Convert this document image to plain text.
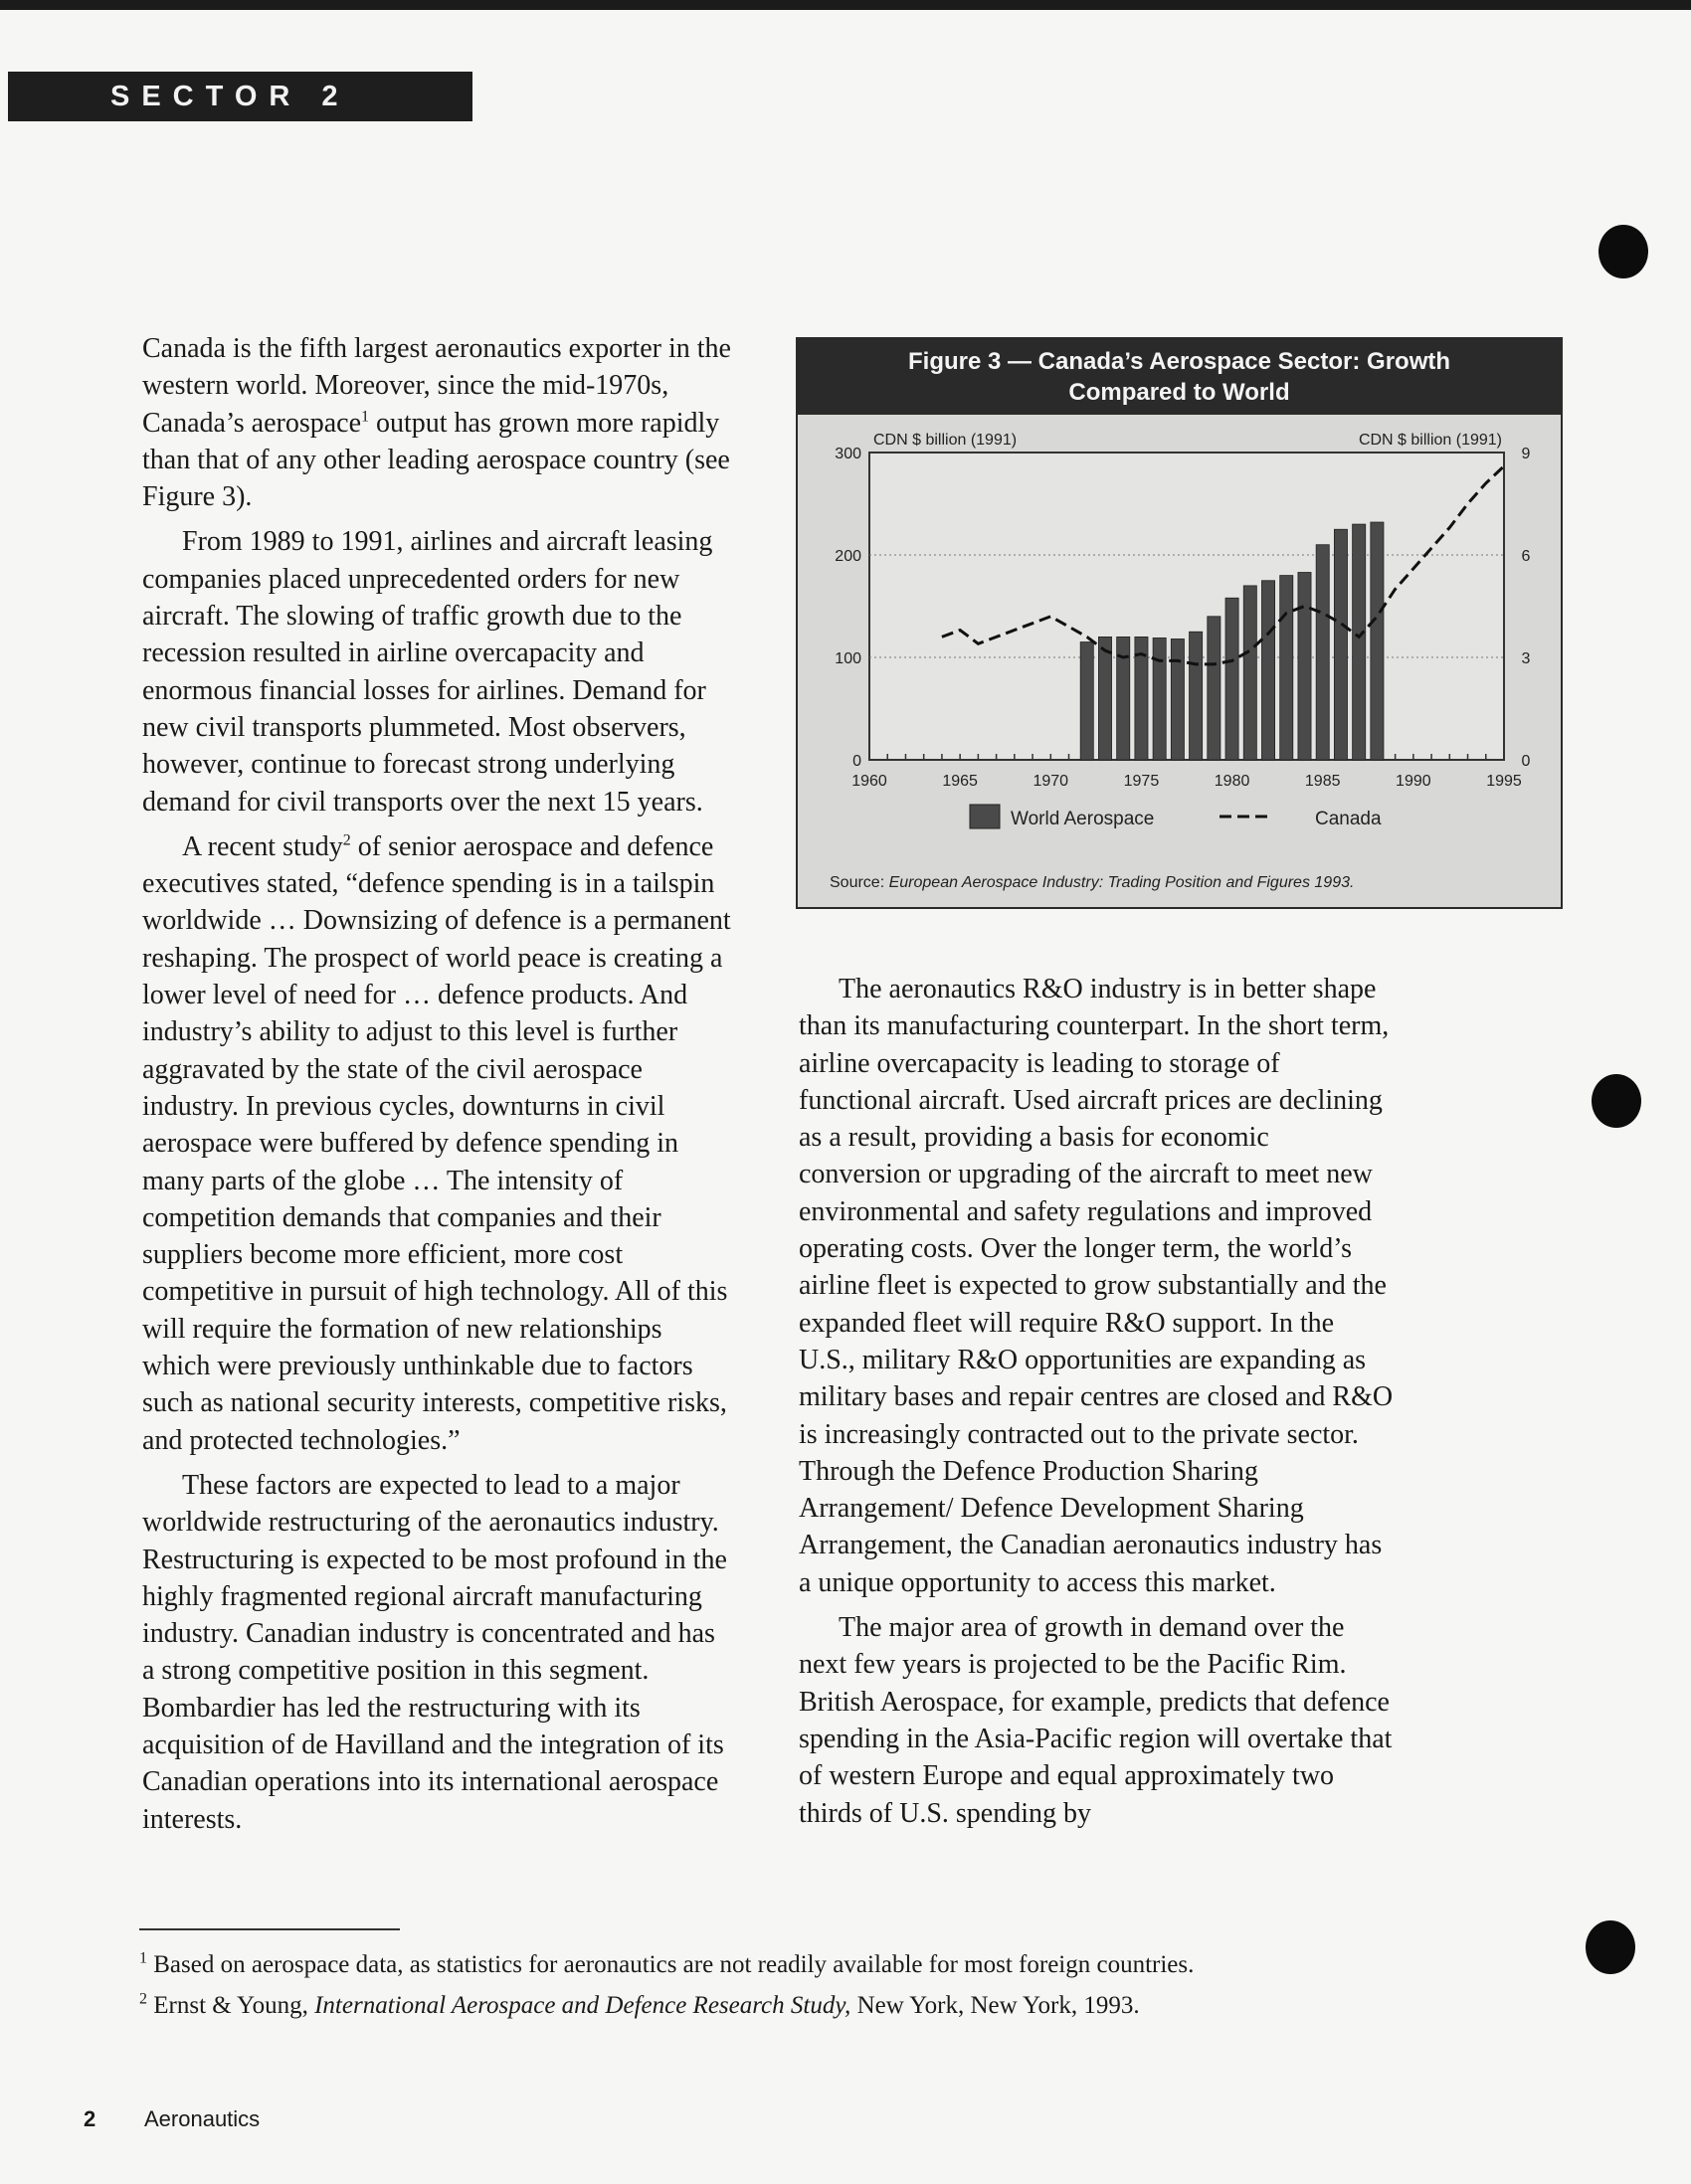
SECTOR 2

Canada is the fifth largest aeronautics exporter in the western world. Moreover, since the mid-1970s, Canada’s aerospace$^1$ output has grown more rapidly than that of any other leading aerospace country (see Figure 3).

From 1989 to 1991, airlines and aircraft leasing companies placed unprecedented orders for new aircraft. The slowing of traffic growth due to the recession resulted in airline overcapacity and enormous financial losses for airlines. Demand for new civil transports plummeted. Most observers, however, continue to forecast strong underlying demand for civil transports over the next 15 years.

A recent study$^2$ of senior aerospace and defence executives stated, “defence spending is in a tailspin worldwide … Downsizing of defence is a permanent reshaping. The prospect of world peace is creating a lower level of need for … defence products. And industry’s ability to adjust to this level is further aggravated by the state of the civil aerospace industry. In previous cycles, downturns in civil aerospace were buffered by defence spending in many parts of the globe … The intensity of competition demands that companies and their suppliers become more efficient, more cost competitive in pursuit of high technology. All of this will require the formation of new relationships which were previously unthinkable due to factors such as national security interests, competitive risks, and protected technologies.”

These factors are expected to lead to a major worldwide restructuring of the aeronautics industry. Restructuring is expected to be most profound in the highly fragmented regional aircraft manufacturing industry. Canadian industry is concentrated and has a strong competitive position in this segment. Bombardier has led the restructuring with its acquisition of de Havilland and the integration of its Canadian operations into its international aerospace interests.

Figure 3 — Canada’s Aerospace Sector: Growth
Compared to World
0
100
200
300
0
3
6
9
1960	1965	1970	1975	1980	1985	1990	1995
CDN $ billion (1991)	CDN $ billion (1991)
World Aerospace	Canada
Source: European Aerospace Industry: Trading Position and Figures 1993.

The aeronautics R&O industry is in better shape than its manufacturing counterpart. In the short term, airline overcapacity is leading to storage of functional aircraft. Used aircraft prices are declining as a result, providing a basis for economic conversion or upgrading of the aircraft to meet new environmental and safety regulations and improved operating costs. Over the longer term, the world’s airline fleet is expected to grow substantially and the expanded fleet will require R&O support. In the U.S., military R&O opportunities are expanding as military bases and repair centres are closed and R&O is increasingly contracted out to the private sector. Through the Defence Production Sharing Arrangement/ Defence Development Sharing Arrangement, the Canadian aeronautics industry has a unique opportunity to access this market.

The major area of growth in demand over the next few years is projected to be the Pacific Rim. British Aerospace, for example, predicts that defence spending in the Asia-Pacific region will overtake that of western Europe and equal approximately two thirds of U.S. spending by

$^1$ Based on aerospace data, as statistics for aeronautics are not readily available for most foreign countries.
$^2$ Ernst & Young, International Aerospace and Defence Research Study, New York, New York, 1993.
2 Aeronautics
